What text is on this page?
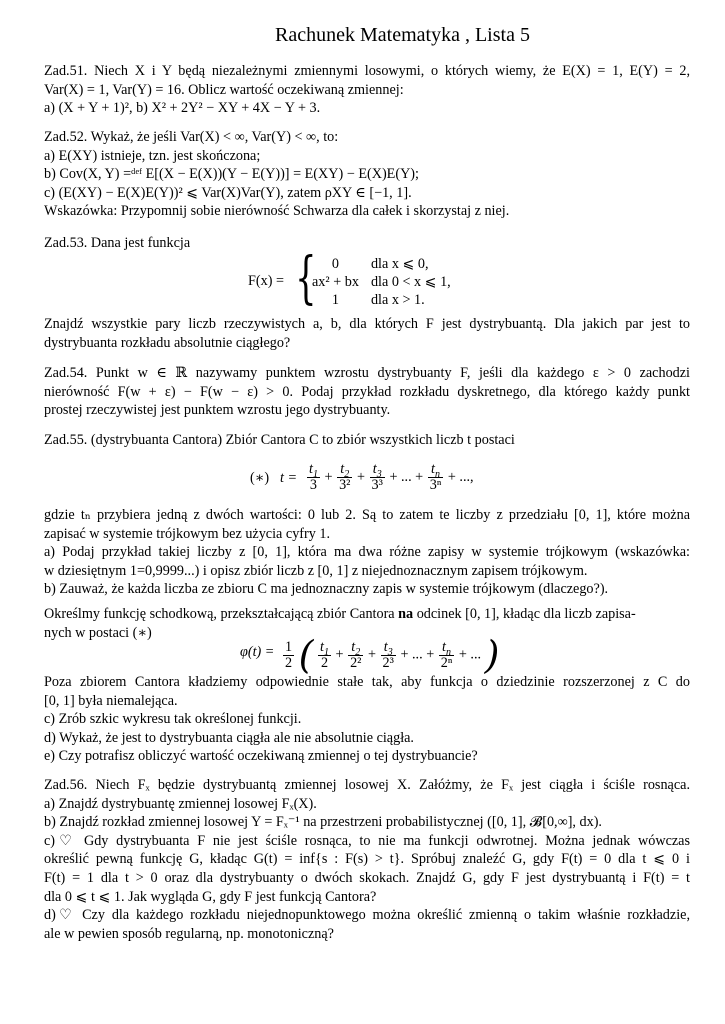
Rachunek Matematyka , Lista 5
Zad.51. Niech X i Y będą niezależnymi zmiennymi losowymi, o których wiemy, że E(X) = 1, E(Y) = 2,
Var(X) = 1, Var(Y) = 16. Oblicz wartość oczekiwaną zmiennej:
a) (X + Y + 1)², b) X² + 2Y² − XY + 4X − Y + 3.
Zad.52. Wykaż, że jeśli Var(X) < ∞, Var(Y) < ∞, to:
a) E(XY) istnieje, tzn. jest skończona;
b) Cov(X, Y) =ᵈᵉᶠ E[(X − E(X))(Y − E(Y))] = E(XY) − E(X)E(Y);
c) (E(XY) − E(X)E(Y))² ⩽ Var(X)Var(Y), zatem ρXY ∈ [−1, 1].
Wskazówka: Przypomnij sobie nierówność Schwarza dla całek i skorzystaj z niej.
Zad.53. Dana jest funkcja
F(x) = { 0	dla x ⩽ 0,
ax² + bx	dla 0 < x ⩽ 1,
1	dla x > 1.
Znajdź wszystkie pary liczb rzeczywistych a, b, dla których F jest dystrybuantą. Dla jakich par jest to
dystrybuanta rozkładu absolutnie ciągłego?
Zad.54. Punkt w ∈ ℝ nazywamy punktem wzrostu dystrybuanty F, jeśli dla każdego ε > 0 zachodzi
nierówność F(w + ε) − F(w − ε) > 0. Podaj przykład rozkładu dyskretnego, dla którego każdy punkt
prostej rzeczywistej jest punktem wzrostu jego dystrybuanty.
Zad.55. (dystrybuanta Cantora) Zbiór Cantora C to zbiór wszystkich liczb t postaci
(∗) $t = \frac{t_1}{3} + \frac{t_2}{\text{3²}} + \frac{t_3}{\text{3³}}$ + ... + $\frac{t_n}{\text{3ⁿ}}$ + ...,
gdzie tₙ przybiera jedną z dwóch wartości: 0 lub 2. Są to zatem te liczby z przedziału [0, 1], które można
zapisać w systemie trójkowym bez użycia cyfry 1.
a) Podaj przykład takiej liczby z [0, 1], która ma dwa różne zapisy w systemie trójkowym (wskazówka:
w dziesiętnym 1=0,9999...) i opisz zbiór liczb z [0, 1] z niejednoznacznym zapisem trójkowym.
b) Zauważ, że każda liczba ze zbioru C ma jednoznaczny zapis w systemie trójkowym (dlaczego?).
Określmy funkcję schodkową, przekształcającą zbiór Cantora na odcinek [0, 1], kładąc dla liczb zapisa-
nych w postaci (∗)
$\varphi(t) = \frac{1}{2}$ ( $\frac{t_1}{2} + \frac{t_2}{\text{2²}} + \frac{t_3}{\text{2³}}$ + ... + $\frac{t_n}{\text{2ⁿ}}$ + ... )
Poza zbiorem Cantora kładziemy odpowiednie stałe tak, aby funkcja o dziedzinie rozszerzonej z C do
[0, 1] była niemalejąca.
c) Zrób szkic wykresu tak określonej funkcji.
d) Wykaż, że jest to dystrybuanta ciągła ale nie absolutnie ciągła.
e) Czy potrafisz obliczyć wartość oczekiwaną zmiennej o tej dystrybuancie?
Zad.56. Niech Fₓ będzie dystrybuantą zmiennej losowej X. Załóżmy, że Fₓ jest ciągła i ściśle rosnąca.
a) Znajdź dystrybuantę zmiennej losowej Fₓ(X).
b) Znajdź rozkład zmiennej losowej Y = Fₓ⁻¹ na przestrzeni probabilistycznej ([0, 1], 𝓑[0,∞], dx).
c)♡ Gdy dystrybuanta F nie jest ściśle rosnąca, to nie ma funkcji odwrotnej. Można jednak wówczas
określić pewną funkcję G, kładąc G(t) = inf{s : F(s) > t}. Spróbuj znaleźć G, gdy F(t) = 0 dla t ⩽ 0 i
F(t) = 1 dla t > 0 oraz dla dystrybuanty o dwóch skokach. Znajdź G, gdy F jest dystrybuantą i F(t) = t
dla 0 ⩽ t ⩽ 1. Jak wygląda G, gdy F jest funkcją Cantora?
d)♡ Czy dla każdego rozkładu niejednopunktowego można określić zmienną o takim właśnie rozkładzie,
ale w pewien sposób regularną, np. monotoniczną?
